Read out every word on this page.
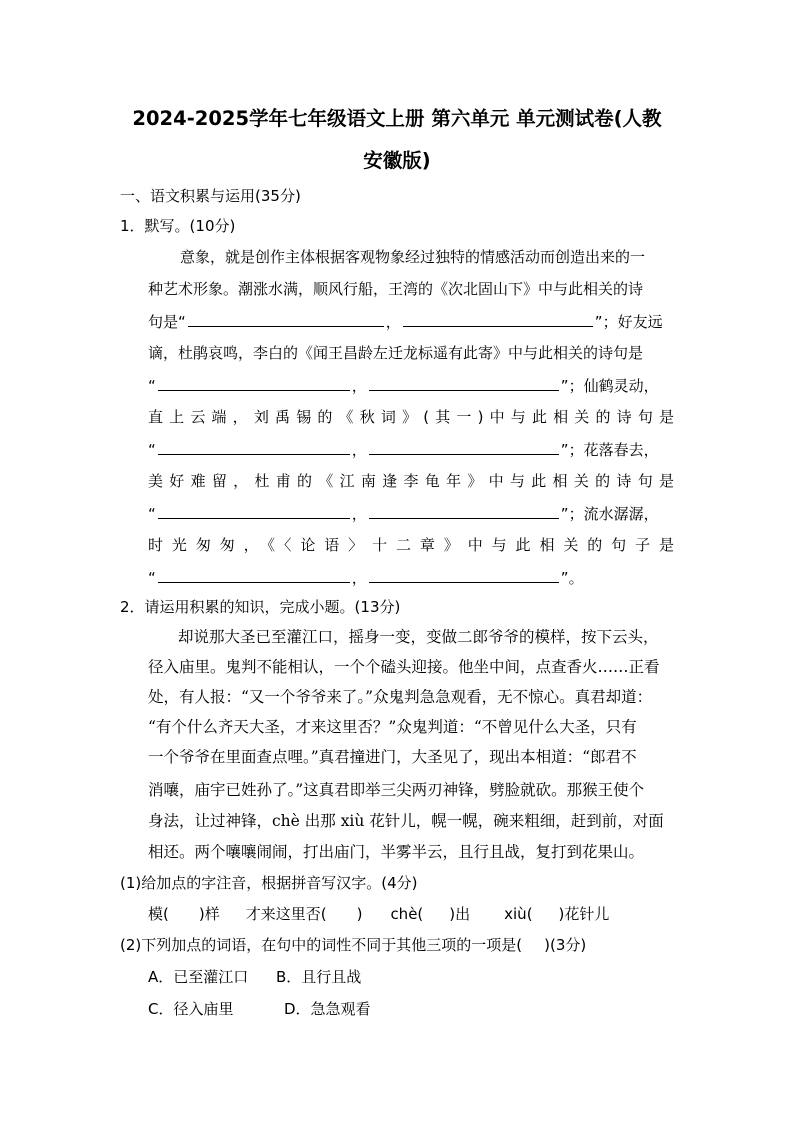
2024-2025学年七年级语文上册 第六单元 单元测试卷(人教
安徽版)
一、语文积累与运用(35分)
1．默写。(10分)
意象，就是创作主体根据客观物象经过独特的情感活动而创造出来的一
种艺术形象。潮涨水满，顺风行船，王湾的《次北固山下》中与此相关的诗
句是“	，	”；好友远
谪，杜鹃哀鸣，李白的《闻王昌龄左迁龙标遥有此寄》中与此相关的诗句是
“	，	”；仙鹤灵动，
直上云端，刘禹锡的《秋词》(其一)中与此相关的诗句是
“	，	”；花落春去，
美好难留，杜甫的《江南逢李龟年》中与此相关的诗句是
“	，	”；流水潺潺，
时光匆匆，《〈论语〉十二章》中与此相关的句子是
“	，	”。
2．请运用积累的知识，完成小题。(13分)
却说那大圣已至灌江口，摇身一变，变做二郎爷爷的模样，按下云头，
径入庙里。鬼判不能相认，一个个磕头迎接。他坐中间，点查香火……正看
处，有人报：“又一个爷爷来了。”众鬼判急急观看，无不惊心。真君却道：
“有个什么齐天大圣，才来这里否？”众鬼判道：“不曾见什么大圣，只有
一个爷爷在里面查点哩。”真君撞进门，大圣见了，现出本相道：“郎君不
消嚷，庙宇已姓孙了。”这真君即举三尖两刃神锋，劈脸就砍。那猴王使个
身法，让过神锋，chè 出那 xiù 花针儿，幌一幌，碗来粗细，赶到前，对面
相还。两个嚷嚷闹闹，打出庙门，半雾半云，且行且战，复打到花果山。
(1)给加点的字注音，根据拼音写汉字。(4分)
模( )样 才来这里否( ) chè( )出 xiù( )花针儿
(2)下列加点的词语，在句中的词性不同于其他三项的一项是( )(3分)
A．已至灌江口 B．且行且战
C．径入庙里	D．急急观看
